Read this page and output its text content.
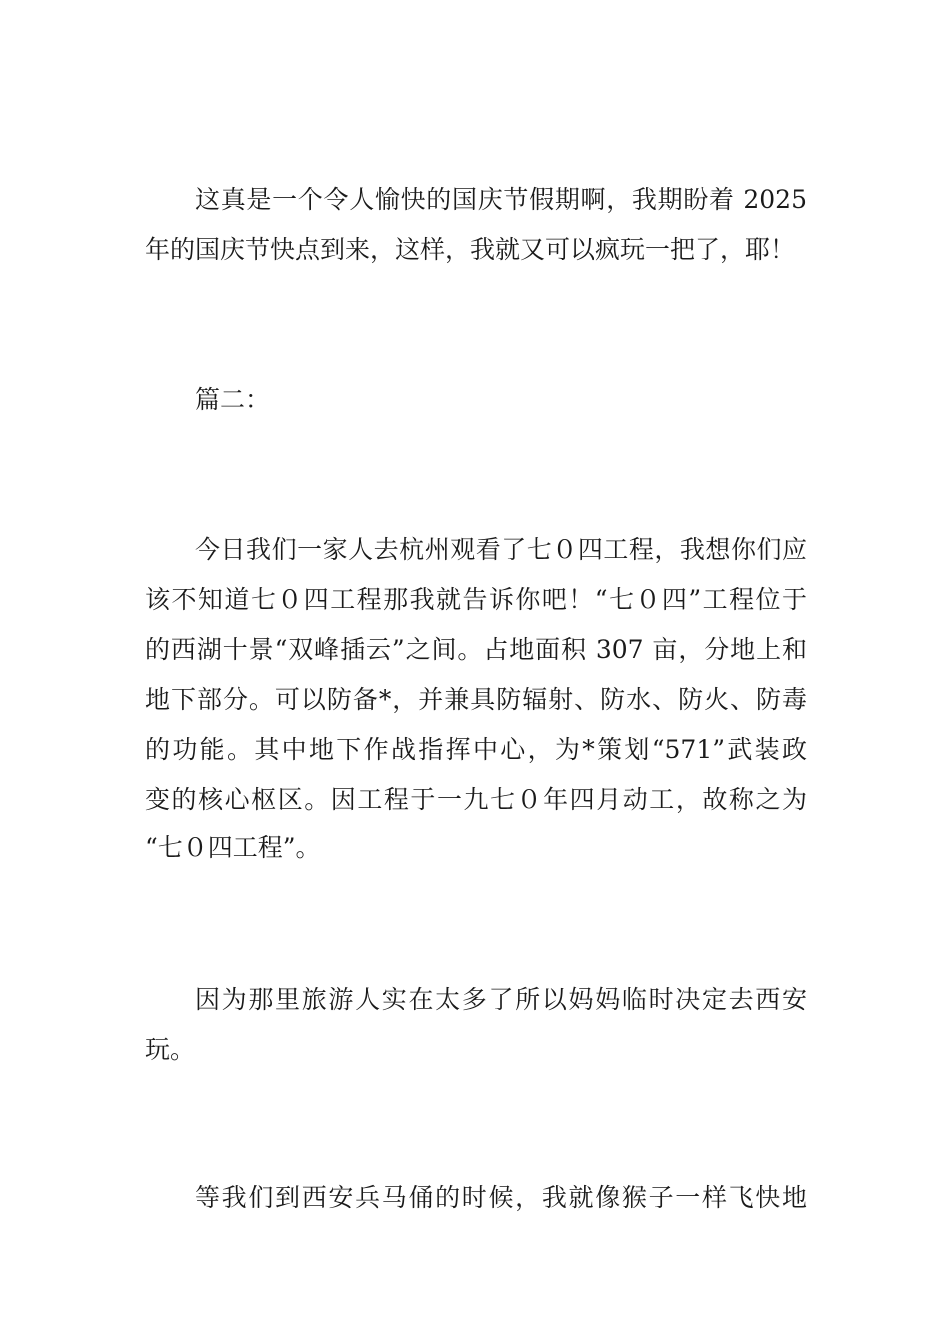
这真是一个令人愉快的国庆节假期啊，我期盼着 2025
年的国庆节快点到来，这样，我就又可以疯玩一把了，耶！
篇二：
今日我们一家人去杭州观看了七０四工程，我想你们应
该不知道七０四工程那我就告诉你吧！“七０四”工程位于
的西湖十景“双峰插云”之间。占地面积 307 亩，分地上和
地下部分。可以防备*，并兼具防辐射、防水、防火、防毒
的功能。其中地下作战指挥中心，为*策划“571”武装政
变的核心枢区。因工程于一九七０年四月动工，故称之为
“七０四工程”。
因为那里旅游人实在太多了所以妈妈临时决定去西安
玩。
等我们到西安兵马俑的时候，我就像猴子一样飞快地
